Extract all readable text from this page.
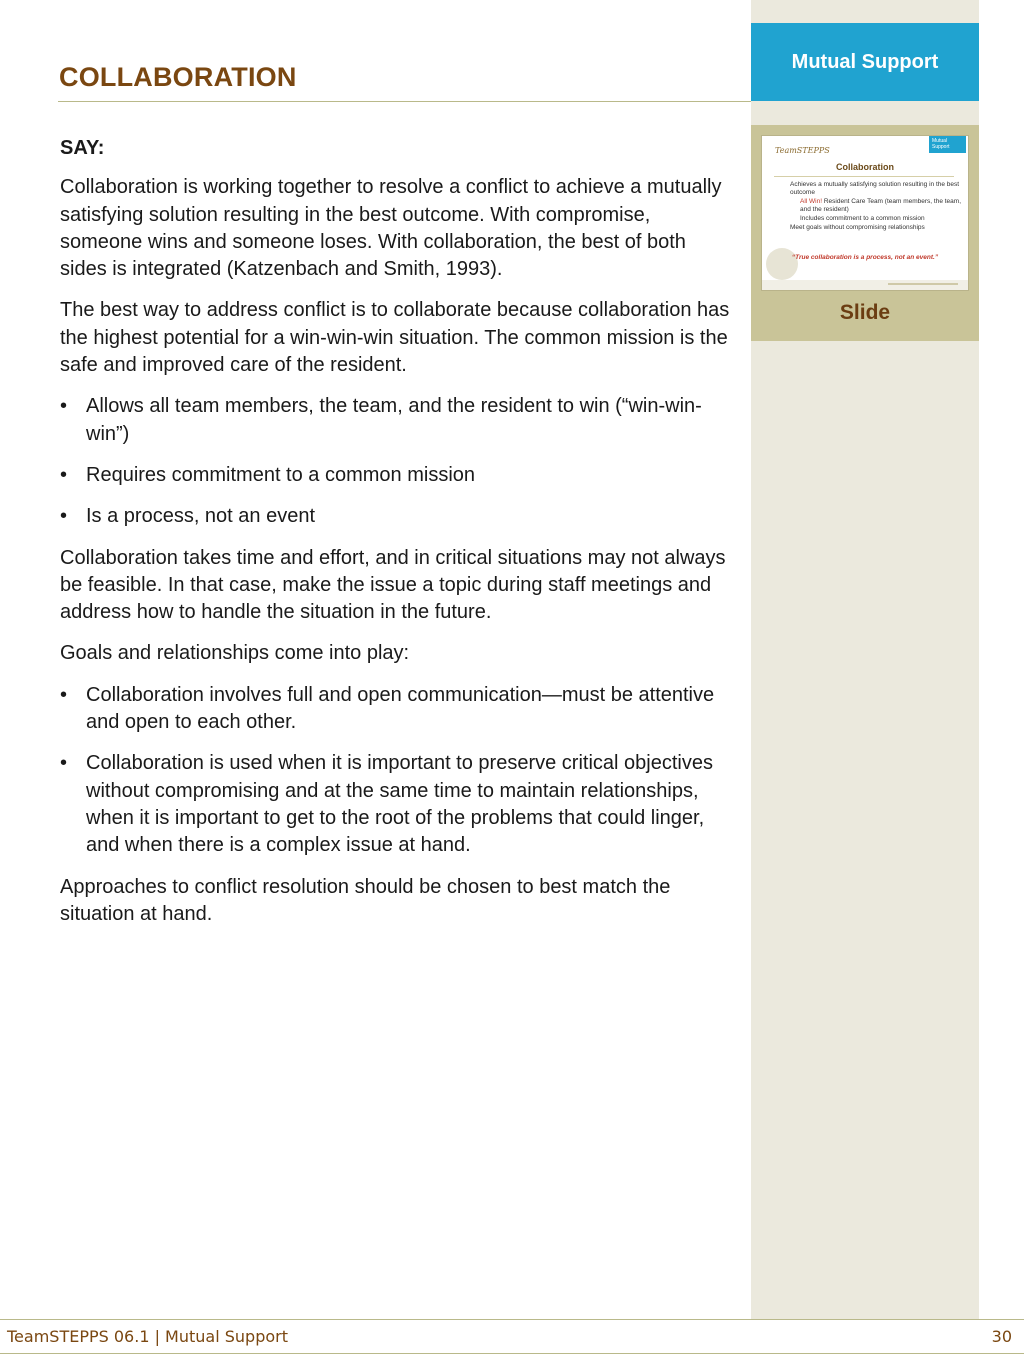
Mutual Support
TeamSTEPPS
Mutual Support
Collaboration
Achieves a mutually satisfying solution resulting in the best outcome
All Win! Resident Care Team (team members, the team, and the resident)
Includes commitment to a common mission
Meet goals without compromising relationships
“True collaboration is a process, not an event.”
Slide
COLLABORATION

SAY:

Collaboration is working together to resolve a conflict to achieve a mutually satisfying solution resulting in the best outcome. With compromise, someone wins and someone loses. With collaboration, the best of both sides is integrated (Katzenbach and Smith, 1993).

The best way to address conflict is to collaborate because collaboration has the highest potential for a win-win-win situation. The common mission is the safe and improved care of the resident.

• Allows all team members, the team, and the resident to win (“win-win-win”)
• Requires commitment to a common mission
• Is a process, not an event

Collaboration takes time and effort, and in critical situations may not always be feasible. In that case, make the issue a topic during staff meetings and address how to handle the situation in the future.

Goals and relationships come into play:

• Collaboration involves full and open communication—must be attentive and open to each other.
• Collaboration is used when it is important to preserve critical objectives without compromising and at the same time to maintain relationships, when it is important to get to the root of the problems that could linger, and when there is a complex issue at hand.

Approaches to conflict resolution should be chosen to best match the situation at hand.

TeamSTEPPS 06.1 | Mutual Support	30
